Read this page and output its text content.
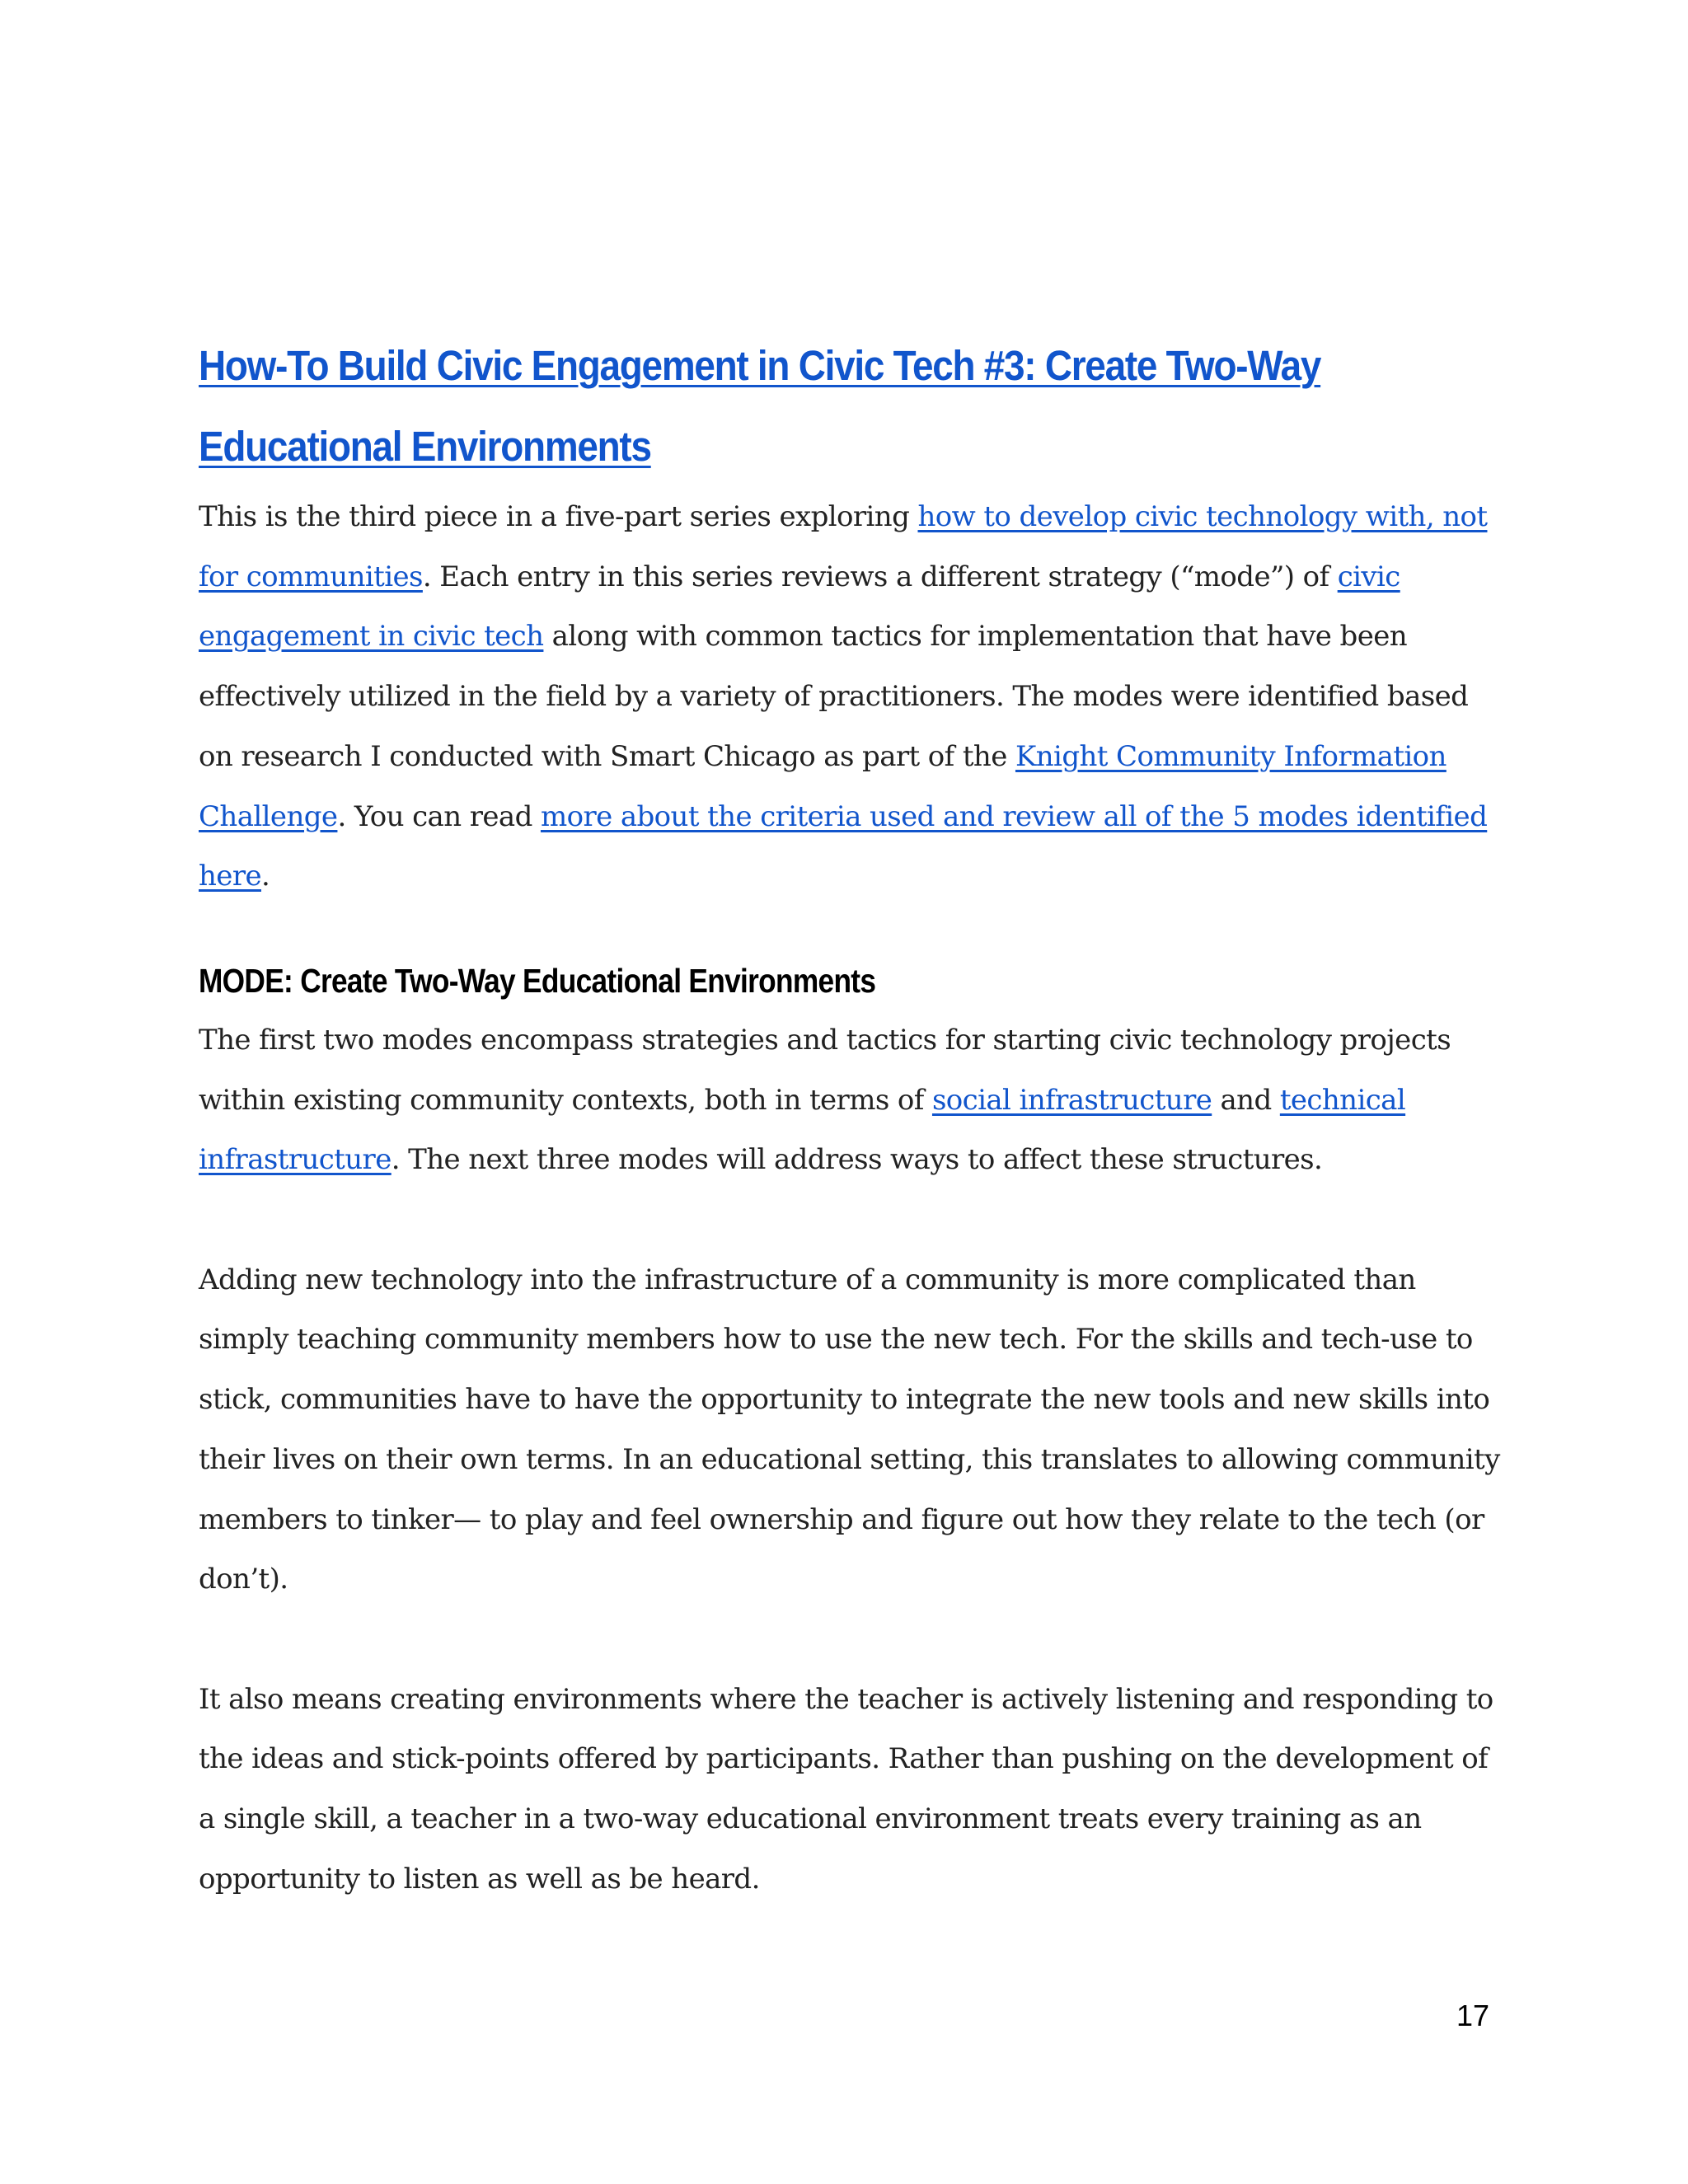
How-To Build Civic Engagement in Civic Tech #3: Create Two-Way
Educational Environments

This is the third piece in a five-part series exploring how to develop civic technology with, not for communities. Each entry in this series reviews a different strategy (“mode”) of civic engagement in civic tech along with common tactics for implementation that have been effectively utilized in the field by a variety of practitioners. The modes were identified based on research I conducted with Smart Chicago as part of the Knight Community Information Challenge. You can read more about the criteria used and review all of the 5 modes identified here.

MODE: Create Two-Way Educational Environments

The first two modes encompass strategies and tactics for starting civic technology projects within existing community contexts, both in terms of social infrastructure and technical infrastructure. The next three modes will address ways to affect these structures.

Adding new technology into the infrastructure of a community is more complicated than simply teaching community members how to use the new tech. For the skills and tech-use to stick, communities have to have the opportunity to integrate the new tools and new skills into their lives on their own terms. In an educational setting, this translates to allowing community members to tinker— to play and feel ownership and figure out how they relate to the tech (or don’t).

It also means creating environments where the teacher is actively listening and responding to the ideas and stick-points offered by participants. Rather than pushing on the development of a single skill, a teacher in a two-way educational environment treats every training as an opportunity to listen as well as be heard.

17
